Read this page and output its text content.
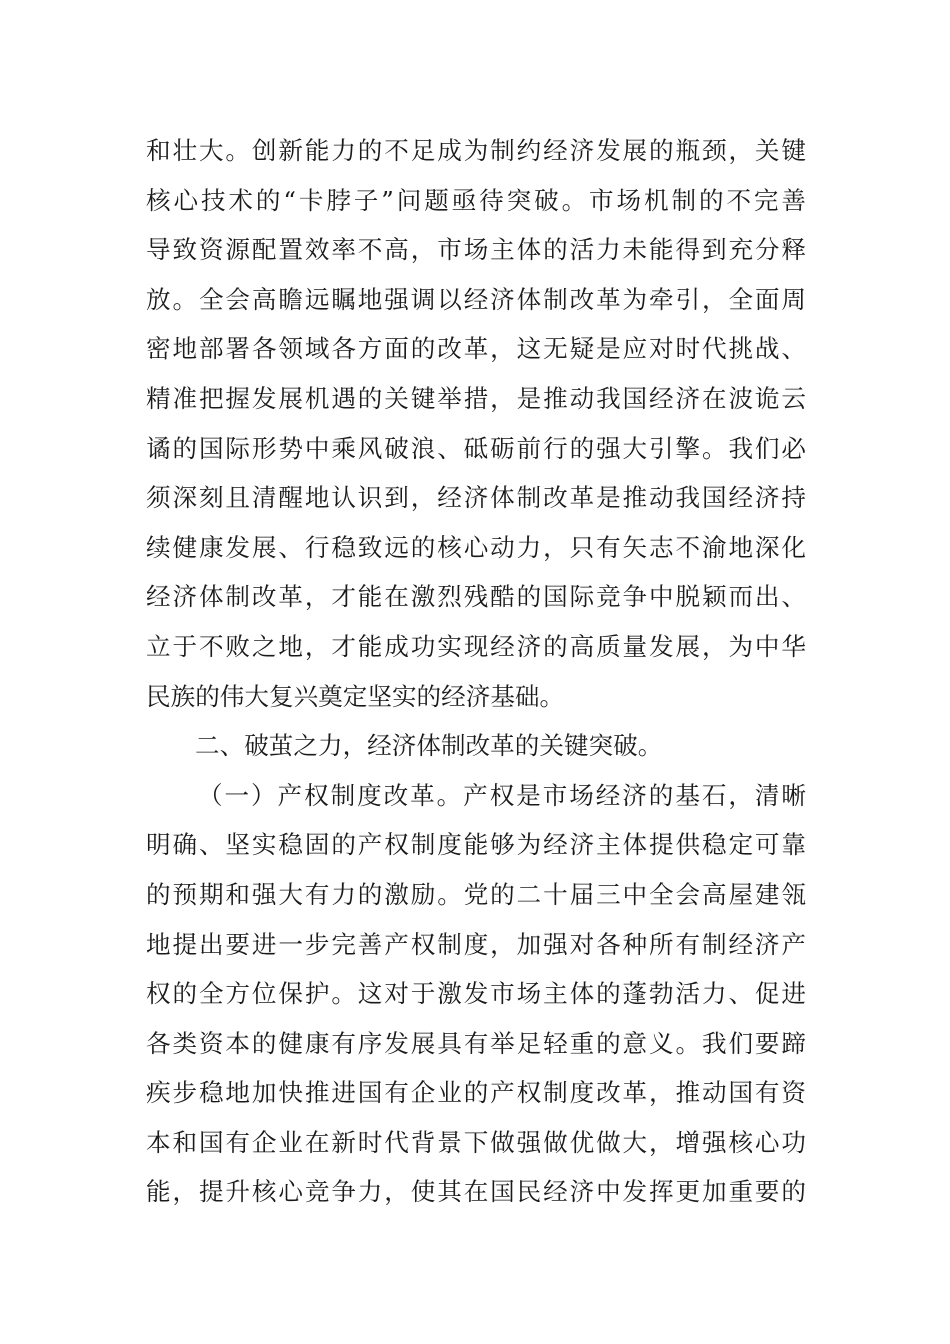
和壮大。创新能力的不足成为制约经济发展的瓶颈，关键
核心技术的“卡脖子”问题亟待突破。市场机制的不完善
导致资源配置效率不高，市场主体的活力未能得到充分释
放。全会高瞻远瞩地强调以经济体制改革为牵引，全面周
密地部署各领域各方面的改革，这无疑是应对时代挑战、
精准把握发展机遇的关键举措，是推动我国经济在波诡云
谲的国际形势中乘风破浪、砥砺前行的强大引擎。我们必
须深刻且清醒地认识到，经济体制改革是推动我国经济持
续健康发展、行稳致远的核心动力，只有矢志不渝地深化
经济体制改革，才能在激烈残酷的国际竞争中脱颖而出、
立于不败之地，才能成功实现经济的高质量发展，为中华
民族的伟大复兴奠定坚实的经济基础。
二、破茧之力，经济体制改革的关键突破。
（一）产权制度改革。产权是市场经济的基石，清晰
明确、坚实稳固的产权制度能够为经济主体提供稳定可靠
的预期和强大有力的激励。党的二十届三中全会高屋建瓴
地提出要进一步完善产权制度，加强对各种所有制经济产
权的全方位保护。这对于激发市场主体的蓬勃活力、促进
各类资本的健康有序发展具有举足轻重的意义。我们要蹄
疾步稳地加快推进国有企业的产权制度改革，推动国有资
本和国有企业在新时代背景下做强做优做大，增强核心功
能，提升核心竞争力，使其在国民经济中发挥更加重要的
